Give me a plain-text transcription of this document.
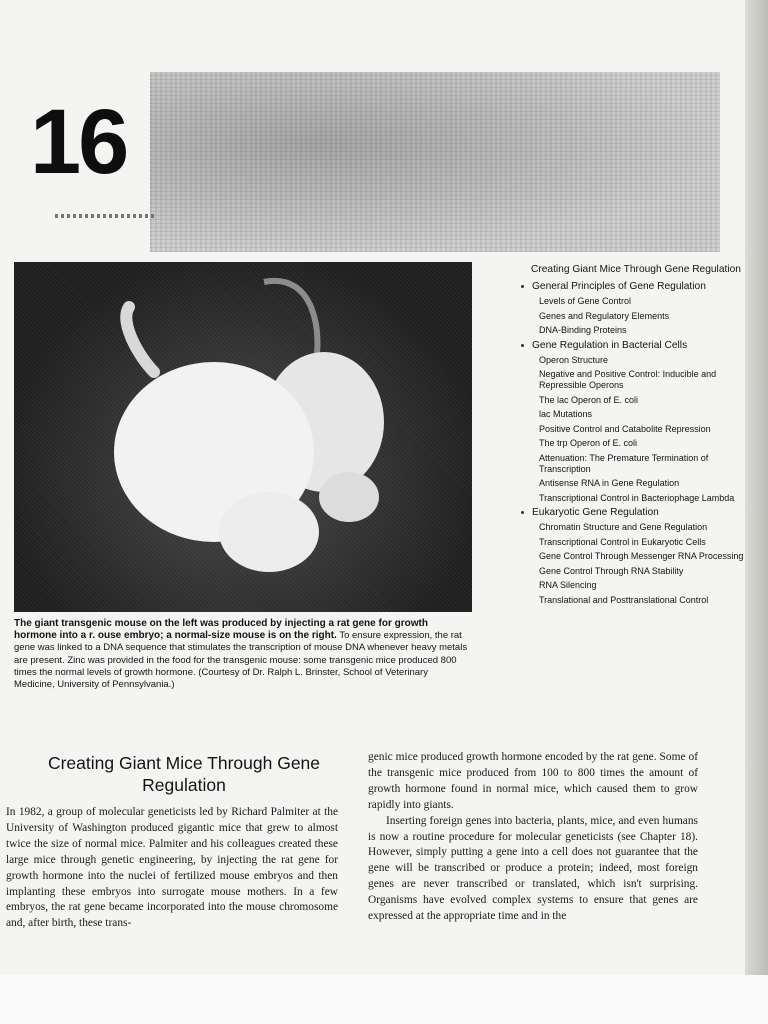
16
The giant transgenic mouse on the left was produced by injecting a rat gene for growth hormone into a r. ouse embryo; a normal-size mouse is on the right. To ensure expression, the rat gene was linked to a DNA sequence that stimulates the transcription of mouse DNA whenever heavy metals are present. Zinc was provided in the food for the transgenic mouse: some transgenic mice produced 800 times the normal levels of growth hormone. (Courtesy of Dr. Ralph L. Brinster, School of Veterinary Medicine, University of Pennsylvania.)
Creating Giant Mice Through Gene Regulation
General Principles of Gene Regulation
Levels of Gene Control
Genes and Regulatory Elements
DNA-Binding Proteins
Gene Regulation in Bacterial Cells
Operon Structure
Negative and Positive Control: Inducible and Repressible Operons
The lac Operon of E. coli
lac Mutations
Positive Control and Catabolite Repression
The trp Operon of E. coli
Attenuation: The Premature Termination of Transcription
Antisense RNA in Gene Regulation
Transcriptional Control in Bacteriophage Lambda
Eukaryotic Gene Regulation
Chromatin Structure and Gene Regulation
Transcriptional Control in Eukaryotic Cells
Gene Control Through Messenger RNA Processing
Gene Control Through RNA Stability
RNA Silencing
Translational and Posttranslational Control
Creating Giant Mice Through Gene Regulation

In 1982, a group of molecular geneticists led by Richard Palmiter at the University of Washington produced gigantic mice that grew to almost twice the size of normal mice. Palmiter and his colleagues created these large mice through genetic engineering, by injecting the rat gene for growth hormone into the nuclei of fertilized mouse embryos and then implanting these embryos into surrogate mouse mothers. In a few embryos, the rat gene became incorporated into the mouse chromosome and, after birth, these trans-

genic mice produced growth hormone encoded by the rat gene. Some of the transgenic mice produced from 100 to 800 times the amount of growth hormone found in normal mice, which caused them to grow rapidly into giants.

Inserting foreign genes into bacteria, plants, mice, and even humans is now a routine procedure for molecular geneticists (see Chapter 18). However, simply putting a gene into a cell does not guarantee that the gene will be transcribed or produce a protein; indeed, most foreign genes are never transcribed or translated, which isn't surprising. Organisms have evolved complex systems to ensure that genes are expressed at the appropriate time and in the
